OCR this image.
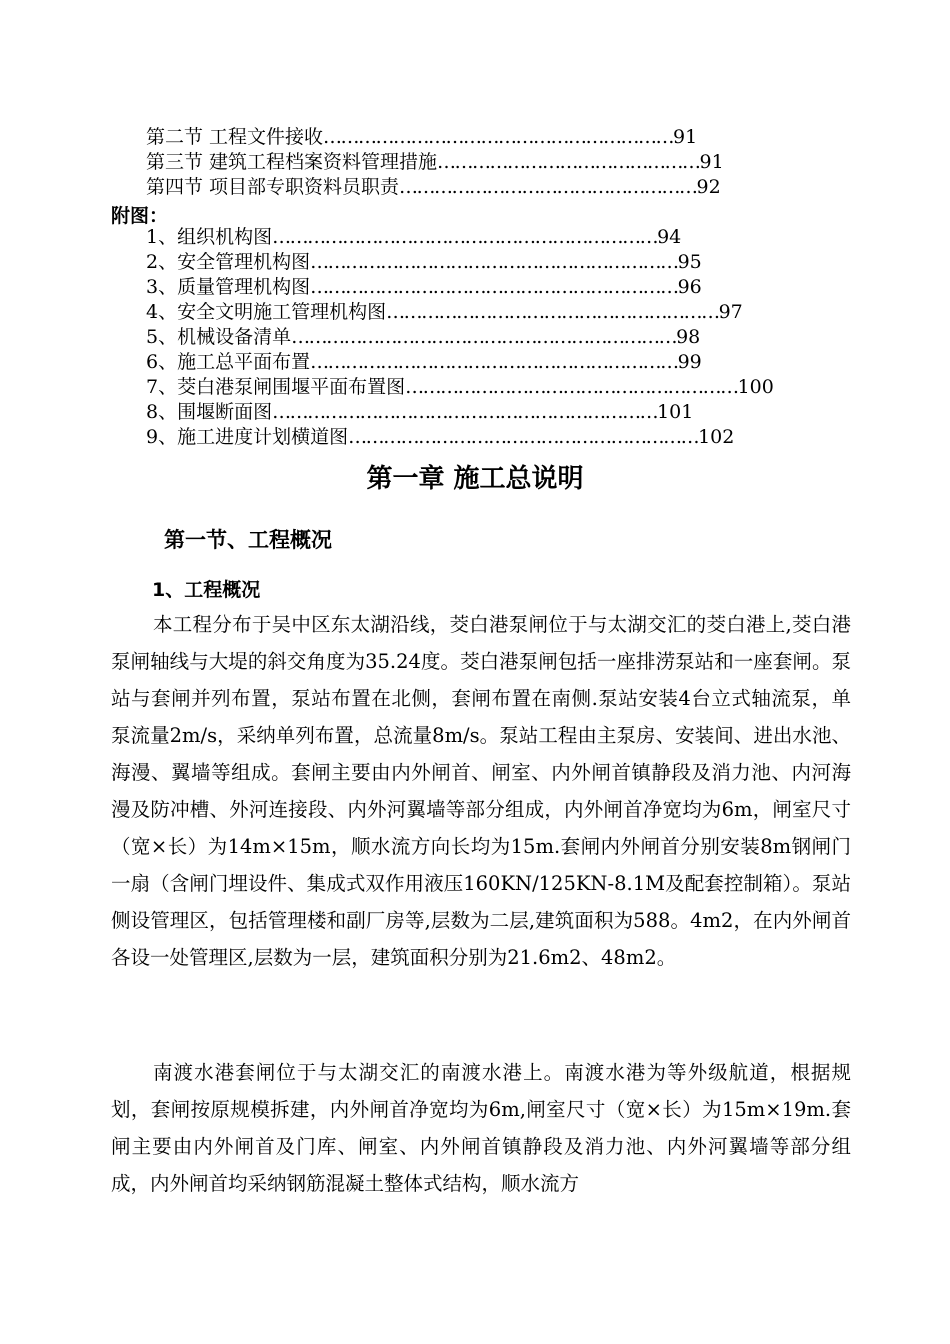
第二节 工程文件接收……………………………………………………91
第三节 建筑工程档案资料管理措施………………………………………91
第四节 项目部专职资料员职责……………………………………………92
附图：
1、组织机构图…………………………………………………………94
2、安全管理机构图………………………………………………………95
3、质量管理机构图………………………………………………………96
4、安全文明施工管理机构图…………………………………………………97
5、机械设备清单…………………………………………………………98
6、施工总平面布置………………………………………………………99
7、茭白港泵闸围堰平面布置图…………………………………………………100
8、围堰断面图…………………………………………………………101
9、施工进度计划横道图……………………………………………………102
第一章 施工总说明
第一节、工程概况
1、工程概况

本工程分布于吴中区东太湖沿线，茭白港泵闸位于与太湖交汇的茭白港上,茭白港泵闸轴线与大堤的斜交角度为35.24度。茭白港泵闸包括一座排涝泵站和一座套闸。泵站与套闸并列布置，泵站布置在北侧，套闸布置在南侧.泵站安装4台立式轴流泵，单泵流量2m/s，采纳单列布置，总流量8m/s。泵站工程由主泵房、安装间、进出水池、海漫、翼墙等组成。套闸主要由内外闸首、闸室、内外闸首镇静段及消力池、内河海漫及防冲槽、外河连接段、内外河翼墙等部分组成，内外闸首净宽均为6m，闸室尺寸（宽×长）为14m×15m，顺水流方向长均为15m.套闸内外闸首分别安装8m钢闸门一扇（含闸门埋设件、集成式双作用液压160KN/125KN-8.1M及配套控制箱）。泵站侧设管理区，包括管理楼和副厂房等,层数为二层,建筑面积为588。4m2，在内外闸首各设一处管理区,层数为一层，建筑面积分别为21.6m2、48m2。

南渡水港套闸位于与太湖交汇的南渡水港上。南渡水港为等外级航道，根据规划，套闸按原规模拆建，内外闸首净宽均为6m,闸室尺寸（宽×长）为15m×19m.套闸主要由内外闸首及门库、闸室、内外闸首镇静段及消力池、内外河翼墙等部分组成，内外闸首均采纳钢筋混凝土整体式结构，顺水流方
